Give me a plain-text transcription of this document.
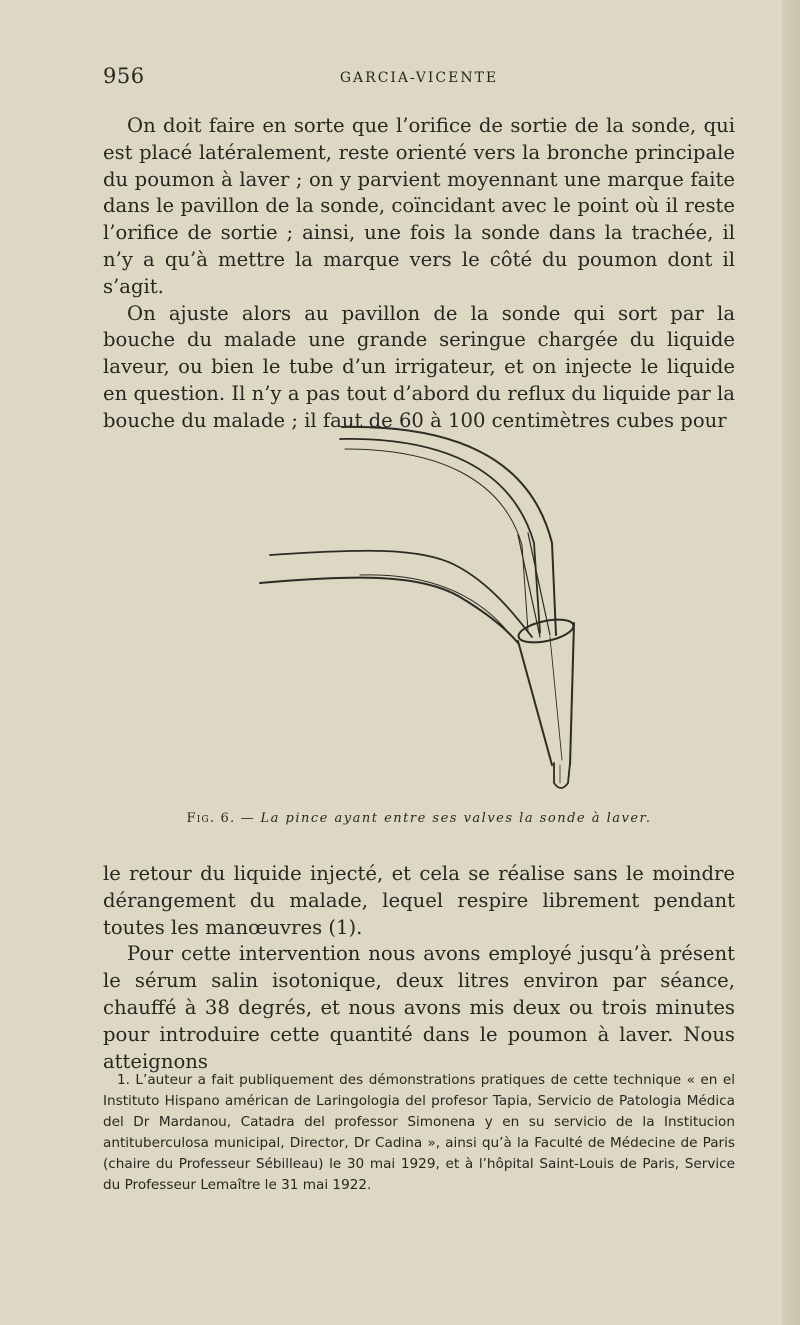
956	GARCIA-VICENTE

On doit faire en sorte que l’orifice de sortie de la sonde, qui est placé latéralement, reste orienté vers la bronche principale du poumon à laver ; on y parvient moyennant une marque faite dans le pavillon de la sonde, coïncidant avec le point où il reste l’orifice de sortie ; ainsi, une fois la sonde dans la trachée, il n’y a qu’à mettre la marque vers le côté du poumon dont il s’agit.

On ajuste alors au pavillon de la sonde qui sort par la bouche du malade une grande seringue chargée du liquide laveur, ou bien le tube d’un irrigateur, et on injecte le liquide en question. Il n’y a pas tout d’abord du reflux du liquide par la bouche du malade ; il faut de 60 à 100 centimètres cubes pour

Fig. 6. — La pince ayant entre ses valves la sonde à laver.

le retour du liquide injecté, et cela se réalise sans le moindre dérangement du malade, lequel respire librement pendant toutes les manœuvres (1).

Pour cette intervention nous avons employé jusqu’à présent le sérum salin isotonique, deux litres environ par séance, chauffé à 38 degrés, et nous avons mis deux ou trois minutes pour introduire cette quantité dans le poumon à laver. Nous atteignons

1. L’auteur a fait publiquement des démonstrations pratiques de cette technique « en el Instituto Hispano américan de Laringologia del profesor Tapia, Servicio de Patologia Médica del Dr Mardanou, Catadra del professor Simonena y en su servicio de la Institucion antituberculosa municipal, Director, Dr Cadina », ainsi qu’à la Faculté de Médecine de Paris (chaire du Professeur Sébilleau) le 30 mai 1929, et à l’hôpital Saint-Louis de Paris, Service du Professeur Lemaître le 31 mai 1922.
